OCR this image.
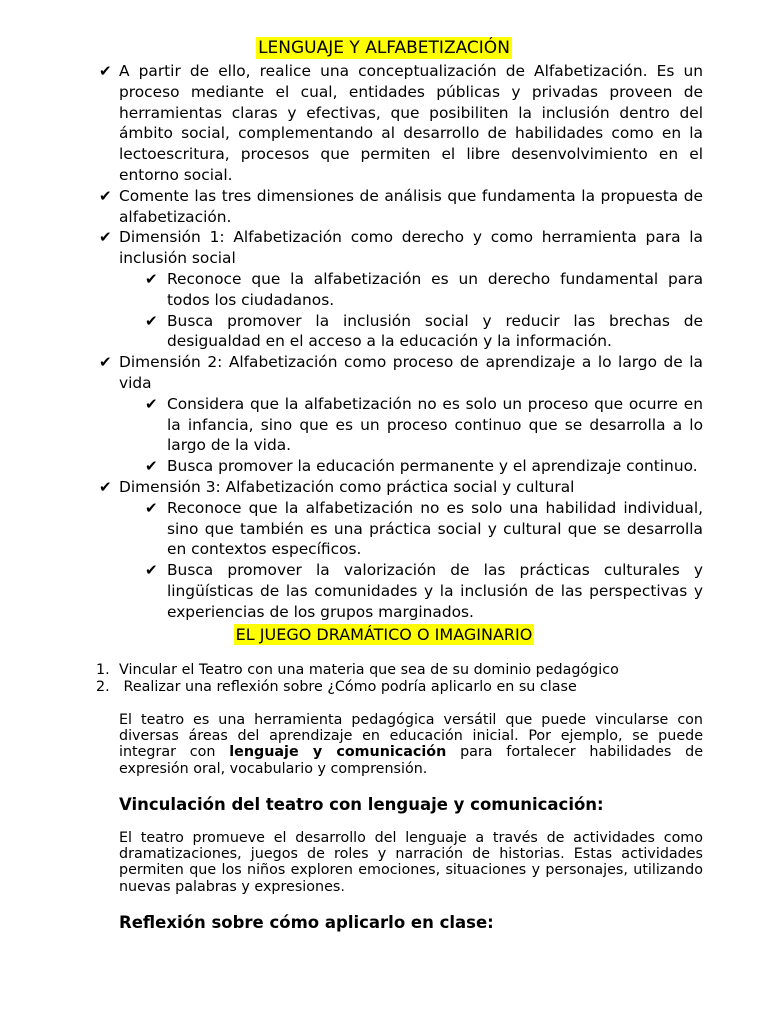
LENGUAJE Y ALFABETIZACIÓN
✔ A partir de ello, realice una conceptualización de Alfabetización. Es un proceso mediante el cual, entidades públicas y privadas proveen de herramientas claras y efectivas, que posibiliten la inclusión dentro del ámbito social, complementando al desarrollo de habilidades como en la lectoescritura, procesos que permiten el libre desenvolvimiento en el entorno social.
✔ Comente las tres dimensiones de análisis que fundamenta la propuesta de alfabetización.
✔ Dimensión 1: Alfabetización como derecho y como herramienta para la inclusión social
✔ Reconoce que la alfabetización es un derecho fundamental para todos los ciudadanos.
✔ Busca promover la inclusión social y reducir las brechas de desigualdad en el acceso a la educación y la información.
✔ Dimensión 2: Alfabetización como proceso de aprendizaje a lo largo de la vida
✔ Considera que la alfabetización no es solo un proceso que ocurre en la infancia, sino que es un proceso continuo que se desarrolla a lo largo de la vida.
✔ Busca promover la educación permanente y el aprendizaje continuo.
✔ Dimensión 3: Alfabetización como práctica social y cultural
✔ Reconoce que la alfabetización no es solo una habilidad individual, sino que también es una práctica social y cultural que se desarrolla en contextos específicos.
✔ Busca promover la valorización de las prácticas culturales y lingüísticas de las comunidades y la inclusión de las perspectivas y experiencias de los grupos marginados.
EL JUEGO DRAMÁTICO O IMAGINARIO
1. Vincular el Teatro con una materia que sea de su dominio pedagógico
2. Realizar una reflexión sobre ¿Cómo podría aplicarlo en su clase
El teatro es una herramienta pedagógica versátil que puede vincularse con diversas áreas del aprendizaje en educación inicial. Por ejemplo, se puede integrar con lenguaje y comunicación para fortalecer habilidades de expresión oral, vocabulario y comprensión.
Vinculación del teatro con lenguaje y comunicación:
El teatro promueve el desarrollo del lenguaje a través de actividades como dramatizaciones, juegos de roles y narración de historias. Estas actividades permiten que los niños exploren emociones, situaciones y personajes, utilizando nuevas palabras y expresiones.
Reflexión sobre cómo aplicarlo en clase:
